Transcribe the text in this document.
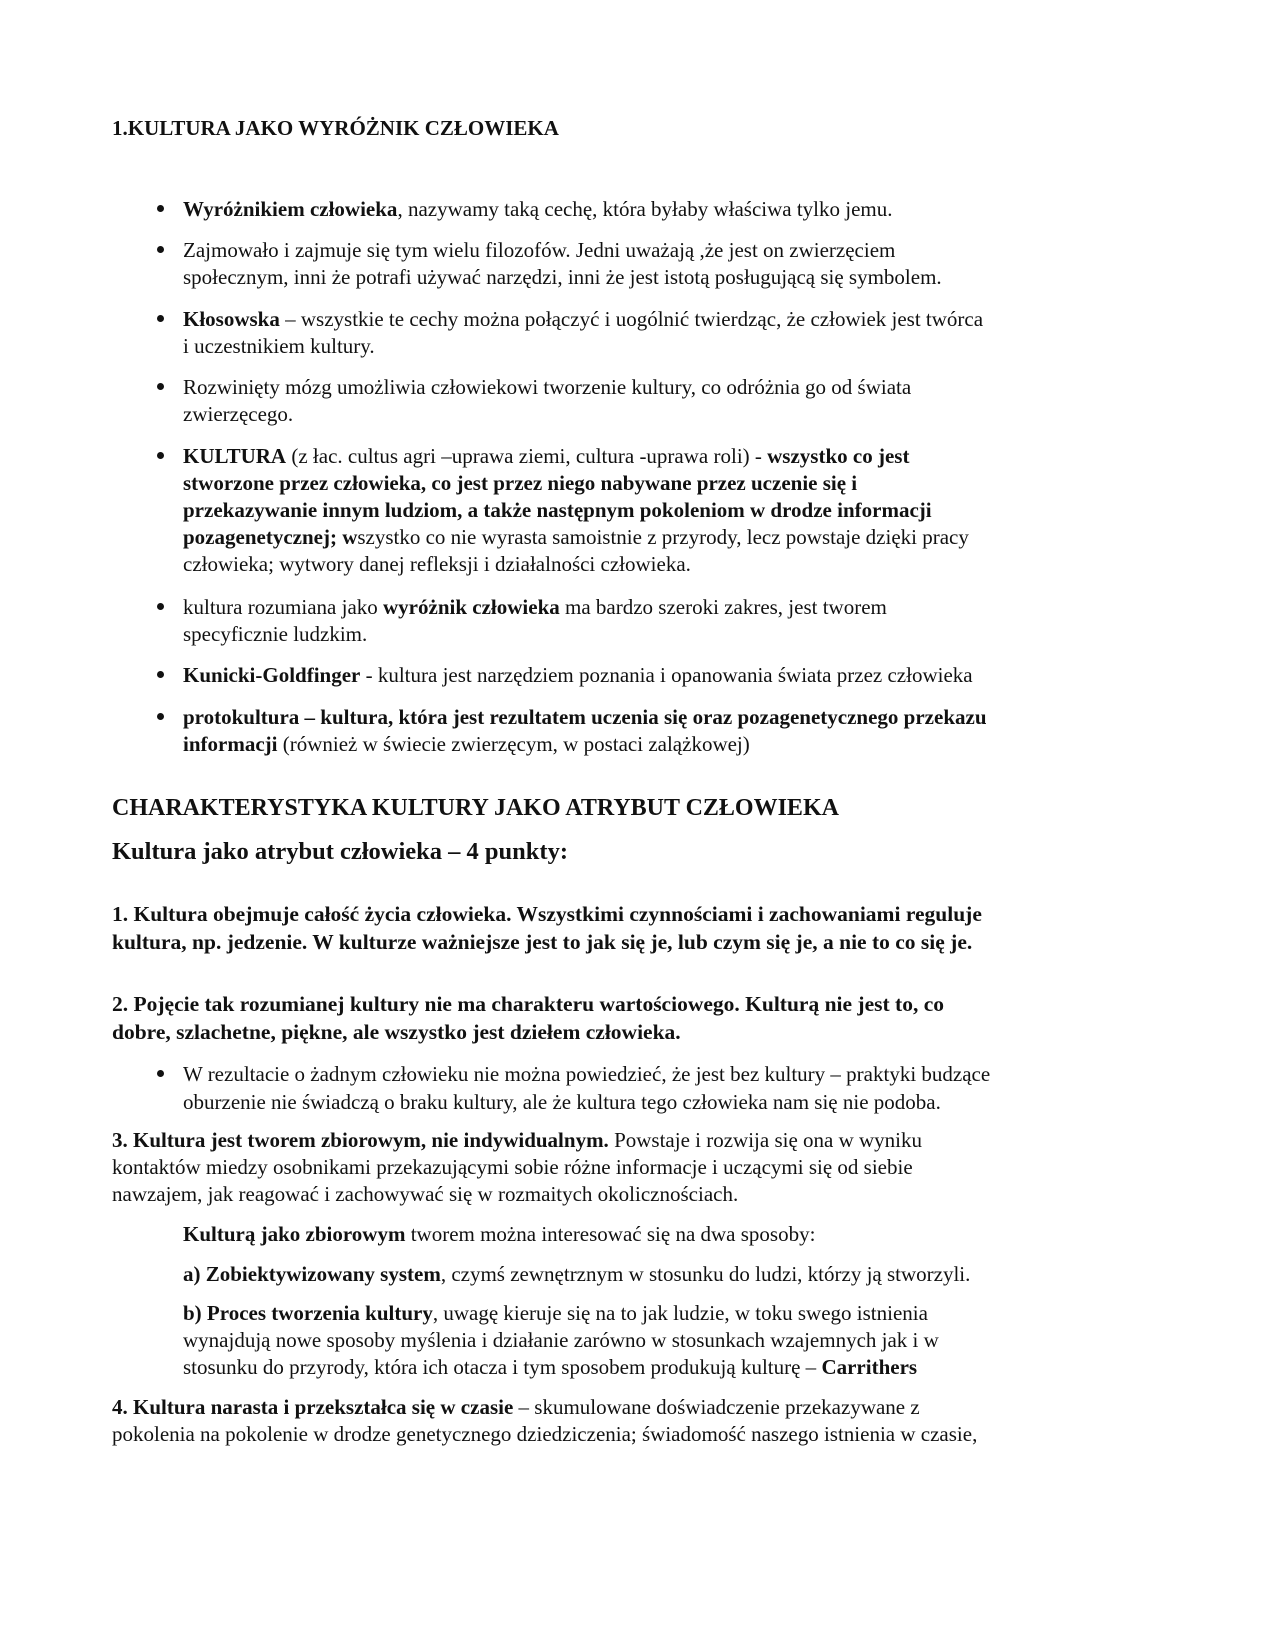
1.KULTURA JAKO WYRÓŻNIK CZŁOWIEKA
Wyróżnikiem człowieka, nazywamy taką cechę, która byłaby właściwa tylko jemu.
Zajmowało i zajmuje się tym wielu filozofów. Jedni uważają ,że jest on zwierzęciem
społecznym, inni że potrafi używać narzędzi, inni że jest istotą posługującą się symbolem.
Kłosowska – wszystkie te cechy można połączyć i uogólnić twierdząc, że człowiek jest twórca
i uczestnikiem kultury.
Rozwinięty mózg umożliwia człowiekowi tworzenie kultury, co odróżnia go od świata
zwierzęcego.
KULTURA (z łac. cultus agri –uprawa ziemi, cultura -uprawa roli) - wszystko co jest
stworzone przez człowieka, co jest przez niego nabywane przez uczenie się i
przekazywanie innym ludziom, a także następnym pokoleniom w drodze informacji
pozagenetycznej; wszystko co nie wyrasta samoistnie z przyrody, lecz powstaje dzięki pracy
człowieka; wytwory danej refleksji i działalności człowieka.
kultura rozumiana jako wyróżnik człowieka ma bardzo szeroki zakres, jest tworem
specyficznie ludzkim.
Kunicki-Goldfinger - kultura jest narzędziem poznania i opanowania świata przez człowieka
protokultura – kultura, która jest rezultatem uczenia się oraz pozagenetycznego przekazu
informacji (również w świecie zwierzęcym, w postaci zalążkowej)
CHARAKTERYSTYKA KULTURY JAKO ATRYBUT CZŁOWIEKA
Kultura jako atrybut człowieka – 4 punkty:
1. Kultura obejmuje całość życia człowieka. Wszystkimi czynnościami i zachowaniami reguluje
kultura, np. jedzenie. W kulturze ważniejsze jest to jak się je, lub czym się je, a nie to co się je.
2. Pojęcie tak rozumianej kultury nie ma charakteru wartościowego. Kulturą nie jest to, co
dobre, szlachetne, piękne, ale wszystko jest dziełem człowieka.
W rezultacie o żadnym człowieku nie można powiedzieć, że jest bez kultury – praktyki budzące
oburzenie nie świadczą o braku kultury, ale że kultura tego człowieka nam się nie podoba.
3. Kultura jest tworem zbiorowym, nie indywidualnym. Powstaje i rozwija się ona w wyniku
kontaktów miedzy osobnikami przekazującymi sobie różne informacje i uczącymi się od siebie
nawzajem, jak reagować i zachowywać się w rozmaitych okolicznościach.
Kulturą jako zbiorowym tworem można interesować się na dwa sposoby:
a) Zobiektywizowany system, czymś zewnętrznym w stosunku do ludzi, którzy ją stworzyli.
b) Proces tworzenia kultury, uwagę kieruje się na to jak ludzie, w toku swego istnienia
wynajdują nowe sposoby myślenia i działanie zarówno w stosunkach wzajemnych jak i w
stosunku do przyrody, która ich otacza i tym sposobem produkują kulturę – Carrithers
4. Kultura narasta i przekształca się w czasie – skumulowane doświadczenie przekazywane z
pokolenia na pokolenie w drodze genetycznego dziedziczenia; świadomość naszego istnienia w czasie,
